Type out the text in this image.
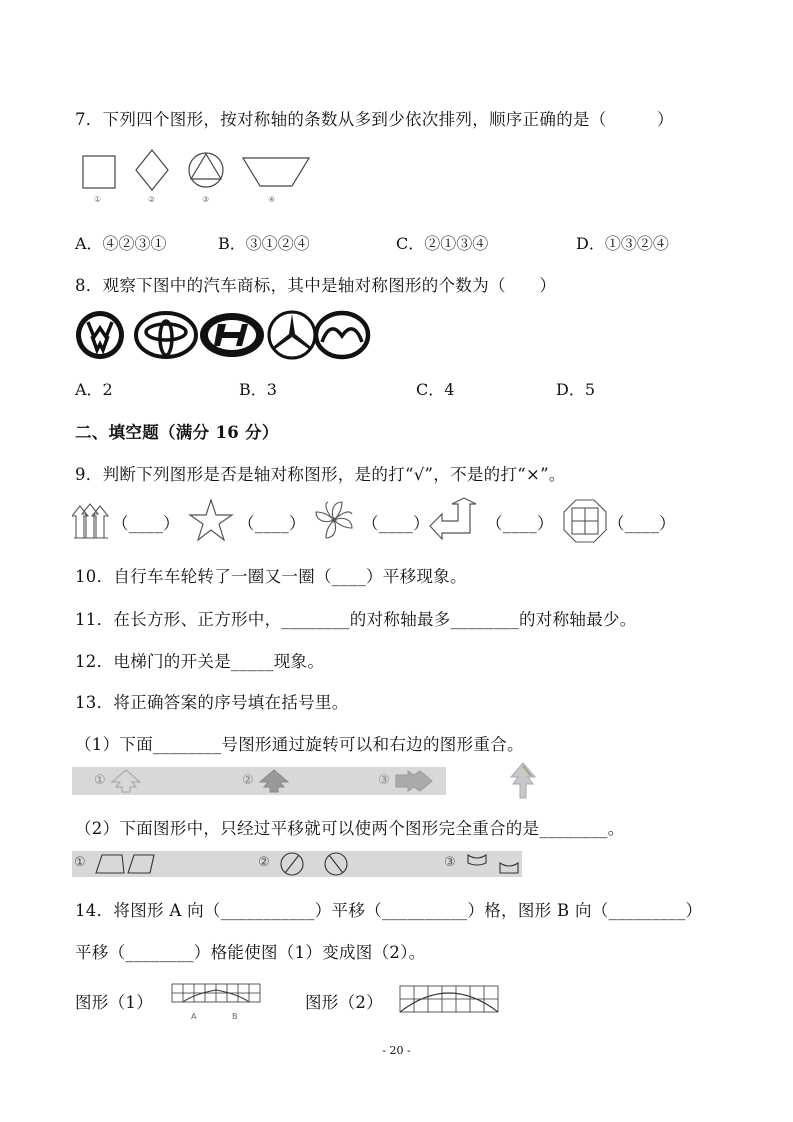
7．下列四个图形，按对称轴的条数从多到少依次排列，顺序正确的是（　　　）
①	②	③	④
A．④②③①	B．③①②④	C．②①③④	D．①③②④
8．观察下图中的汽车商标，其中是轴对称图形的个数为（　　）
A．2	B．3	C．4	D．5
二、填空题（满分 16 分）
9．判断下列图形是否是轴对称图形，是的打“√”，不是的打“×”。
（____）	（____）	（____）	（____）	（____）
10．自行车车轮转了一圈又一圈（____）平移现象。
11．在长方形、正方形中，________的对称轴最多________的对称轴最少。
12．电梯门的开关是_____现象。
13．将正确答案的序号填在括号里。
（1）下面________号图形通过旋转可以和右边的图形重合。
①	②	③
（2）下面图形中，只经过平移就可以使两个图形完全重合的是________。
①	②	③
14．将图形 A 向（___________）平移（__________）格，图形 B 向（_________）
平移（________）格能使图（1）变成图（2）。
图形（1）
A	B
图形（2）
- 20 -
